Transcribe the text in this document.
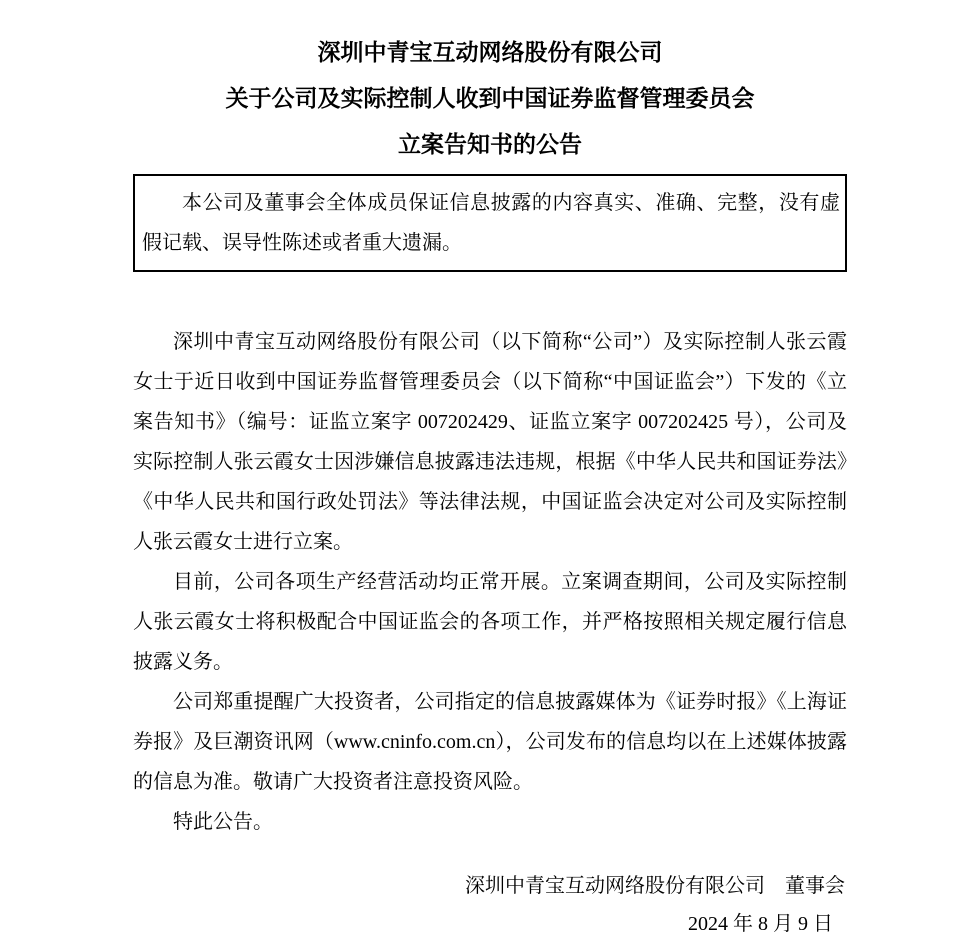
深圳中青宝互动网络股份有限公司
关于公司及实际控制人收到中国证券监督管理委员会
立案告知书的公告

本公司及董事会全体成员保证信息披露的内容真实、准确、完整，没有虚假记载、误导性陈述或者重大遗漏。

深圳中青宝互动网络股份有限公司（以下简称“公司”）及实际控制人张云霞女士于近日收到中国证券监督管理委员会（以下简称“中国证监会”）下发的《立案告知书》（编号：证监立案字 007202429、证监立案字 007202425 号），公司及实际控制人张云霞女士因涉嫌信息披露违法违规，根据《中华人民共和国证券法》《中华人民共和国行政处罚法》等法律法规，中国证监会决定对公司及实际控制人张云霞女士进行立案。

目前，公司各项生产经营活动均正常开展。立案调查期间，公司及实际控制人张云霞女士将积极配合中国证监会的各项工作，并严格按照相关规定履行信息披露义务。

公司郑重提醒广大投资者，公司指定的信息披露媒体为《证券时报》《上海证券报》及巨潮资讯网（www.cninfo.com.cn），公司发布的信息均以在上述媒体披露的信息为准。敬请广大投资者注意投资风险。

特此公告。

深圳中青宝互动网络股份有限公司　董事会

2024 年 8 月 9 日
